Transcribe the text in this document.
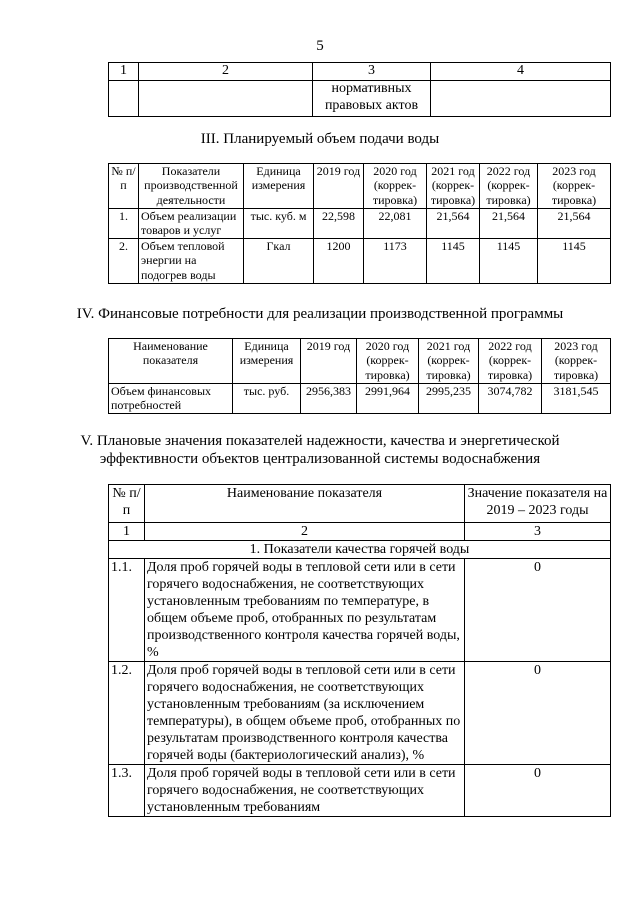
5
1	2	3	4
		нормативных правовых актов	
III. Планируемый объем подачи воды
№ п/п	Показатели производственной деятельности	Единица измерения	2019 год	2020 год (коррек-тировка)	2021 год (коррек-тировка)	2022 год (коррек-тировка)	2023 год (коррек-тировка)
1.	Объем реализации товаров и услуг	тыс. куб. м	22,598	22,081	21,564	21,564	21,564
2.	Объем тепловой энергии на подогрев воды	Гкал	1200	1173	1145	1145	1145
IV. Финансовые потребности для реализации производственной программы
Наименование показателя	Единица измерения	2019 год	2020 год (коррек-тировка)	2021 год (коррек-тировка)	2022 год (коррек-тировка)	2023 год (коррек-тировка)
Объем финансовых потребностей	тыс. руб.	2956,383	2991,964	2995,235	3074,782	3181,545
V. Плановые значения показателей надежности, качества и энергетической
эффективности объектов централизованной системы водоснабжения
№ п/п	Наименование показателя	Значение показателя на 2019 – 2023 годы
1	2	3
1. Показатели качества горячей воды		
1.1.	Доля проб горячей воды в тепловой сети или в сети горячего водоснабжения, не соответствующих установленным требованиям по температуре, в общем объеме проб, отобранных по результатам производственного контроля качества горячей воды, %	0
1.2.	Доля проб горячей воды в тепловой сети или в сети горячего водоснабжения, не соответствующих установленным требованиям (за исключением температуры), в общем объеме проб, отобранных по результатам производственного контроля качества горячей воды (бактериологический анализ), %	0
1.3.	Доля проб горячей воды в тепловой сети или в сети горячего водоснабжения, не соответствующих установленным требованиям	0
